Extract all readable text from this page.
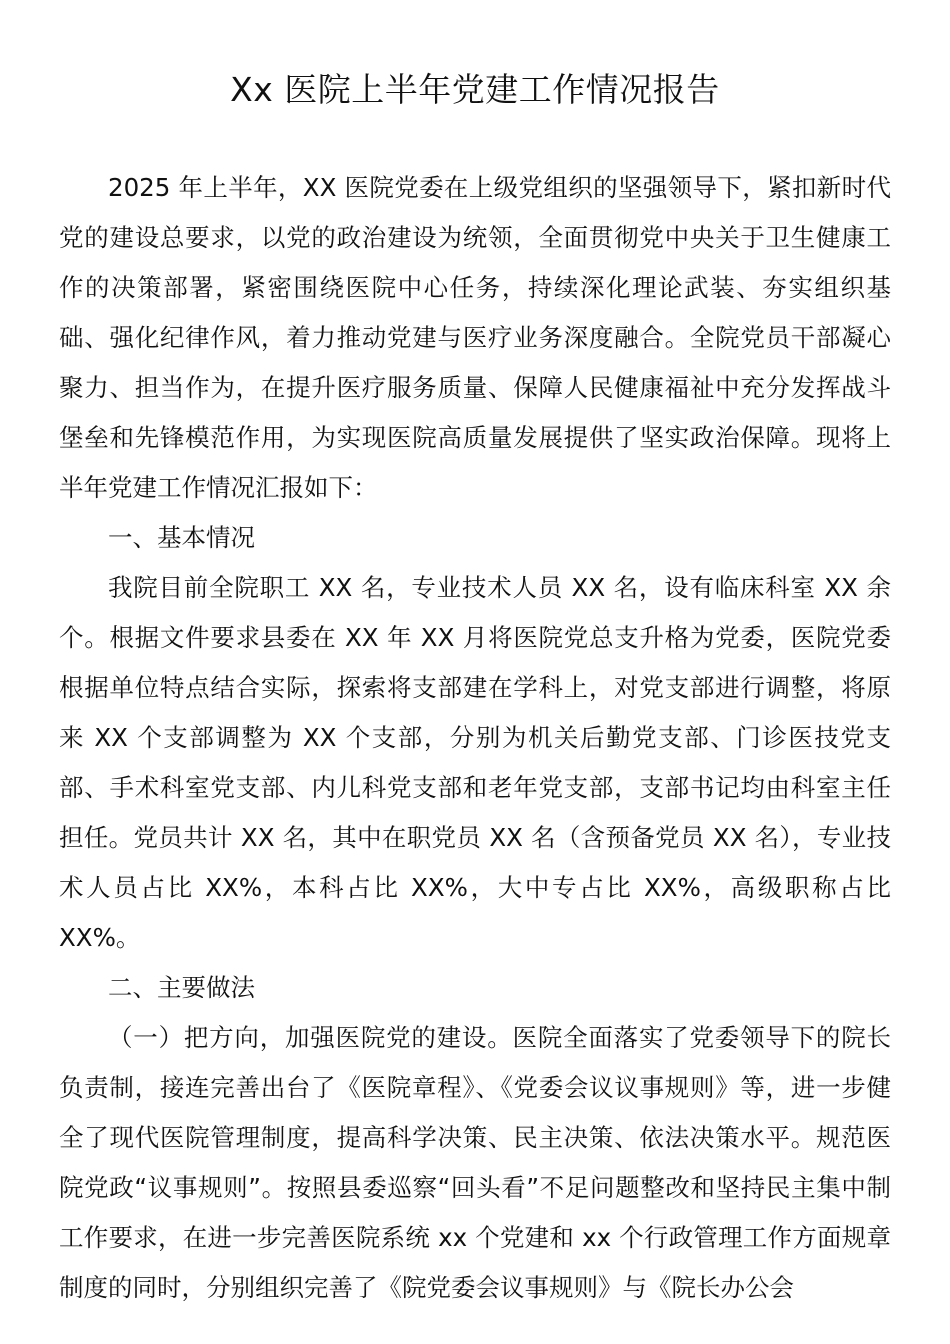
Xx 医院上半年党建工作情况报告

2025 年上半年，XX 医院党委在上级党组织的坚强领导下，紧扣新时代党的建设总要求，以党的政治建设为统领，全面贯彻党中央关于卫生健康工作的决策部署，紧密围绕医院中心任务，持续深化理论武装、夯实组织基础、强化纪律作风，着力推动党建与医疗业务深度融合。全院党员干部凝心聚力、担当作为，在提升医疗服务质量、保障人民健康福祉中充分发挥战斗堡垒和先锋模范作用，为实现医院高质量发展提供了坚实政治保障。现将上半年党建工作情况汇报如下：

一、基本情况

我院目前全院职工 XX 名，专业技术人员 XX 名，设有临床科室 XX 余个。根据文件要求县委在 XX 年 XX 月将医院党总支升格为党委，医院党委根据单位特点结合实际，探索将支部建在学科上，对党支部进行调整，将原来 XX 个支部调整为 XX 个支部，分别为机关后勤党支部、门诊医技党支部、手术科室党支部、内儿科党支部和老年党支部，支部书记均由科室主任担任。党员共计 XX 名，其中在职党员 XX 名（含预备党员 XX 名），专业技术人员占比 XX%，本科占比 XX%，大中专占比 XX%，高级职称占比 XX%。

二、主要做法

（一）把方向，加强医院党的建设。医院全面落实了党委领导下的院长负责制，接连完善出台了《医院章程》、《党委会议议事规则》等，进一步健全了现代医院管理制度，提高科学决策、民主决策、依法决策水平。规范医院党政“议事规则”。按照县委巡察“回头看”不足问题整改和坚持民主集中制工作要求，在进一步完善医院系统 xx 个党建和 xx 个行政管理工作方面规章制度的同时，分别组织完善了《院党委会议事规则》与《院长办公会
